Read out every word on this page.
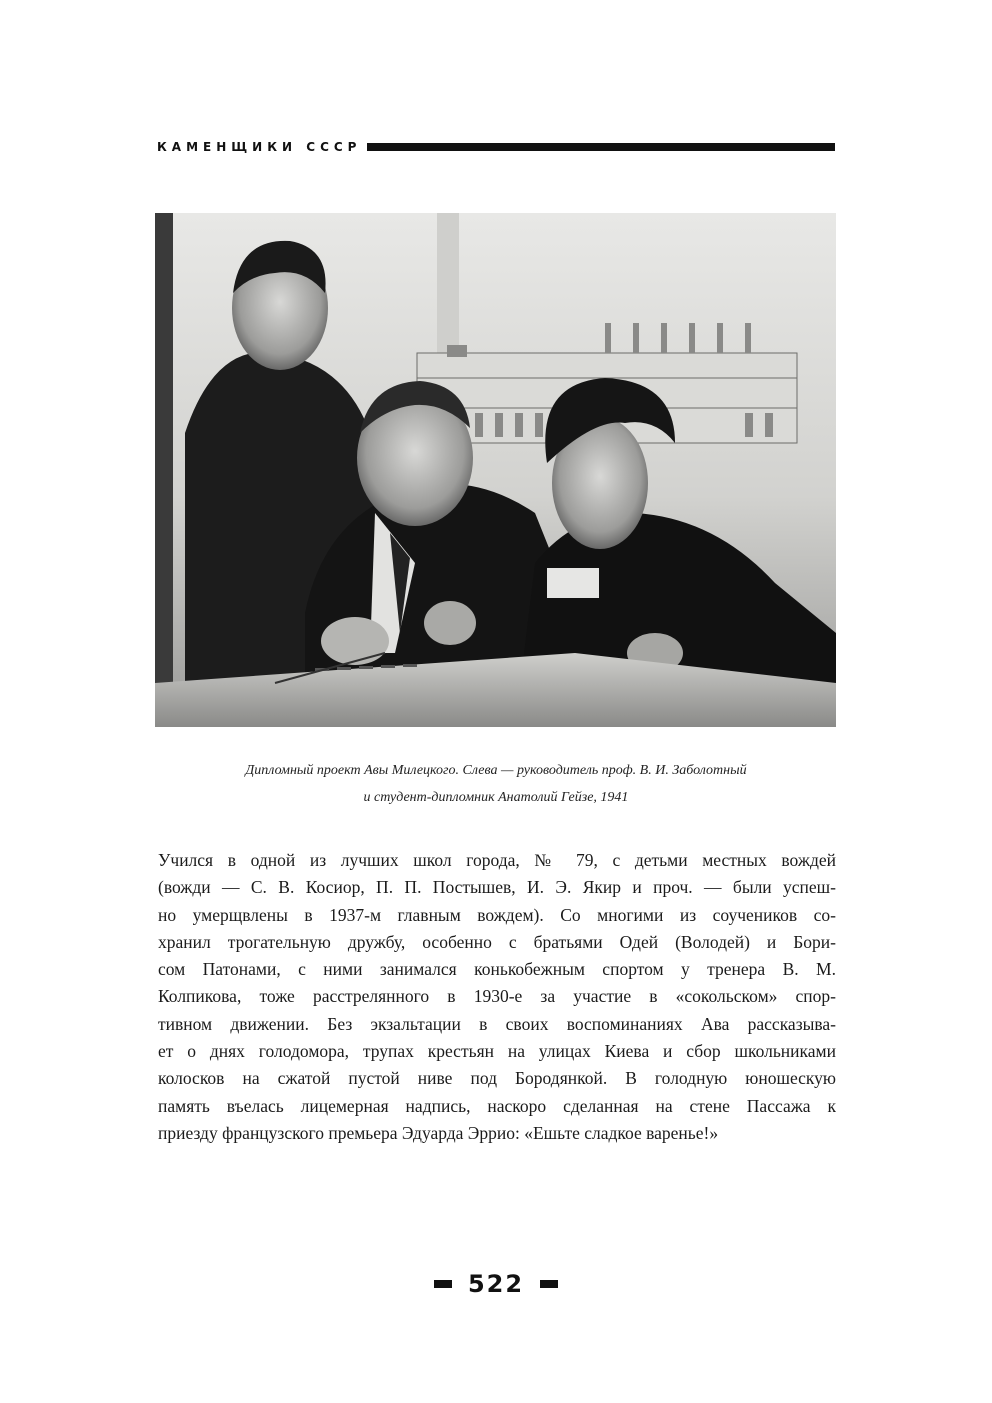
КАМЕНЩИКИ СССР

Дипломный проект Авы Милецкого. Слева — руководитель проф. В. И. Заболотный

и студент-дипломник Анатолий Гейзе, 1941

Учился в одной из лучших школ города, № 79, с детьми местных вождей
(вожди — С. В. Косиор, П. П. Постышев, И. Э. Якир и проч. — были успеш-
но умерщвлены в 1937-м главным вождем). Со многими из соучеников со-
хранил трогательную дружбу, особенно с братьями Одей (Володей) и Бори-
сом Патонами, с ними занимался конькобежным спортом у тренера В. М.
Колпикова, тоже расстрелянного в 1930-е за участие в «сокольском» спор-
тивном движении. Без экзальтации в своих воспоминаниях Ава рассказыва-
ет о днях голодомора, трупах крестьян на улицах Киева и сбор школьниками
колосков на сжатой пустой ниве под Бородянкой. В голодную юношескую
память въелась лицемерная надпись, наскоро сделанная на стене Пассажа к
приезду французского премьера Эдуарда Эррио: «Ешьте сладкое варенье!»
522
